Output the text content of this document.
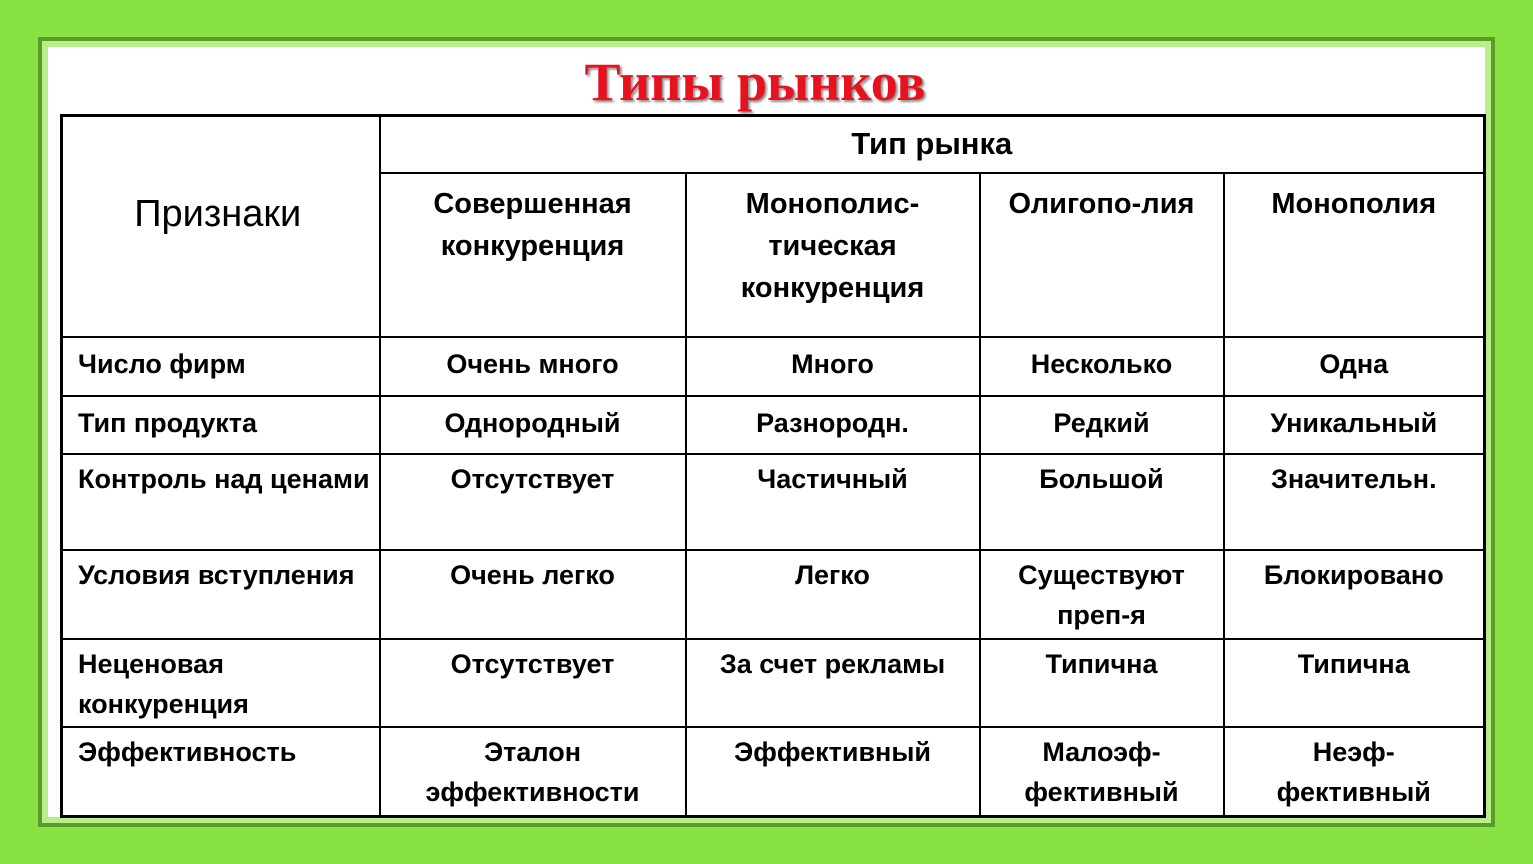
Типы рынков
Признаки	Тип рынка			
	Совершенная конкуренция	Монополис-тическая конкуренция	Олигопо-лия	Монополия
Число фирм	Очень много	Много	Несколько	Одна
Тип продукта	Однородный	Разнородн.	Редкий	Уникальный
Контроль над ценами	Отсутствует	Частичный	Большой	Значительн.
Условия вступления	Очень легко	Легко	Существуют преп-я	Блокировано
Неценовая конкуренция	Отсутствует	За счет рекламы	Типична	Типична
Эффективность	Эталон эффективности	Эффективный	Малоэф-фективный	Неэф-фективный
